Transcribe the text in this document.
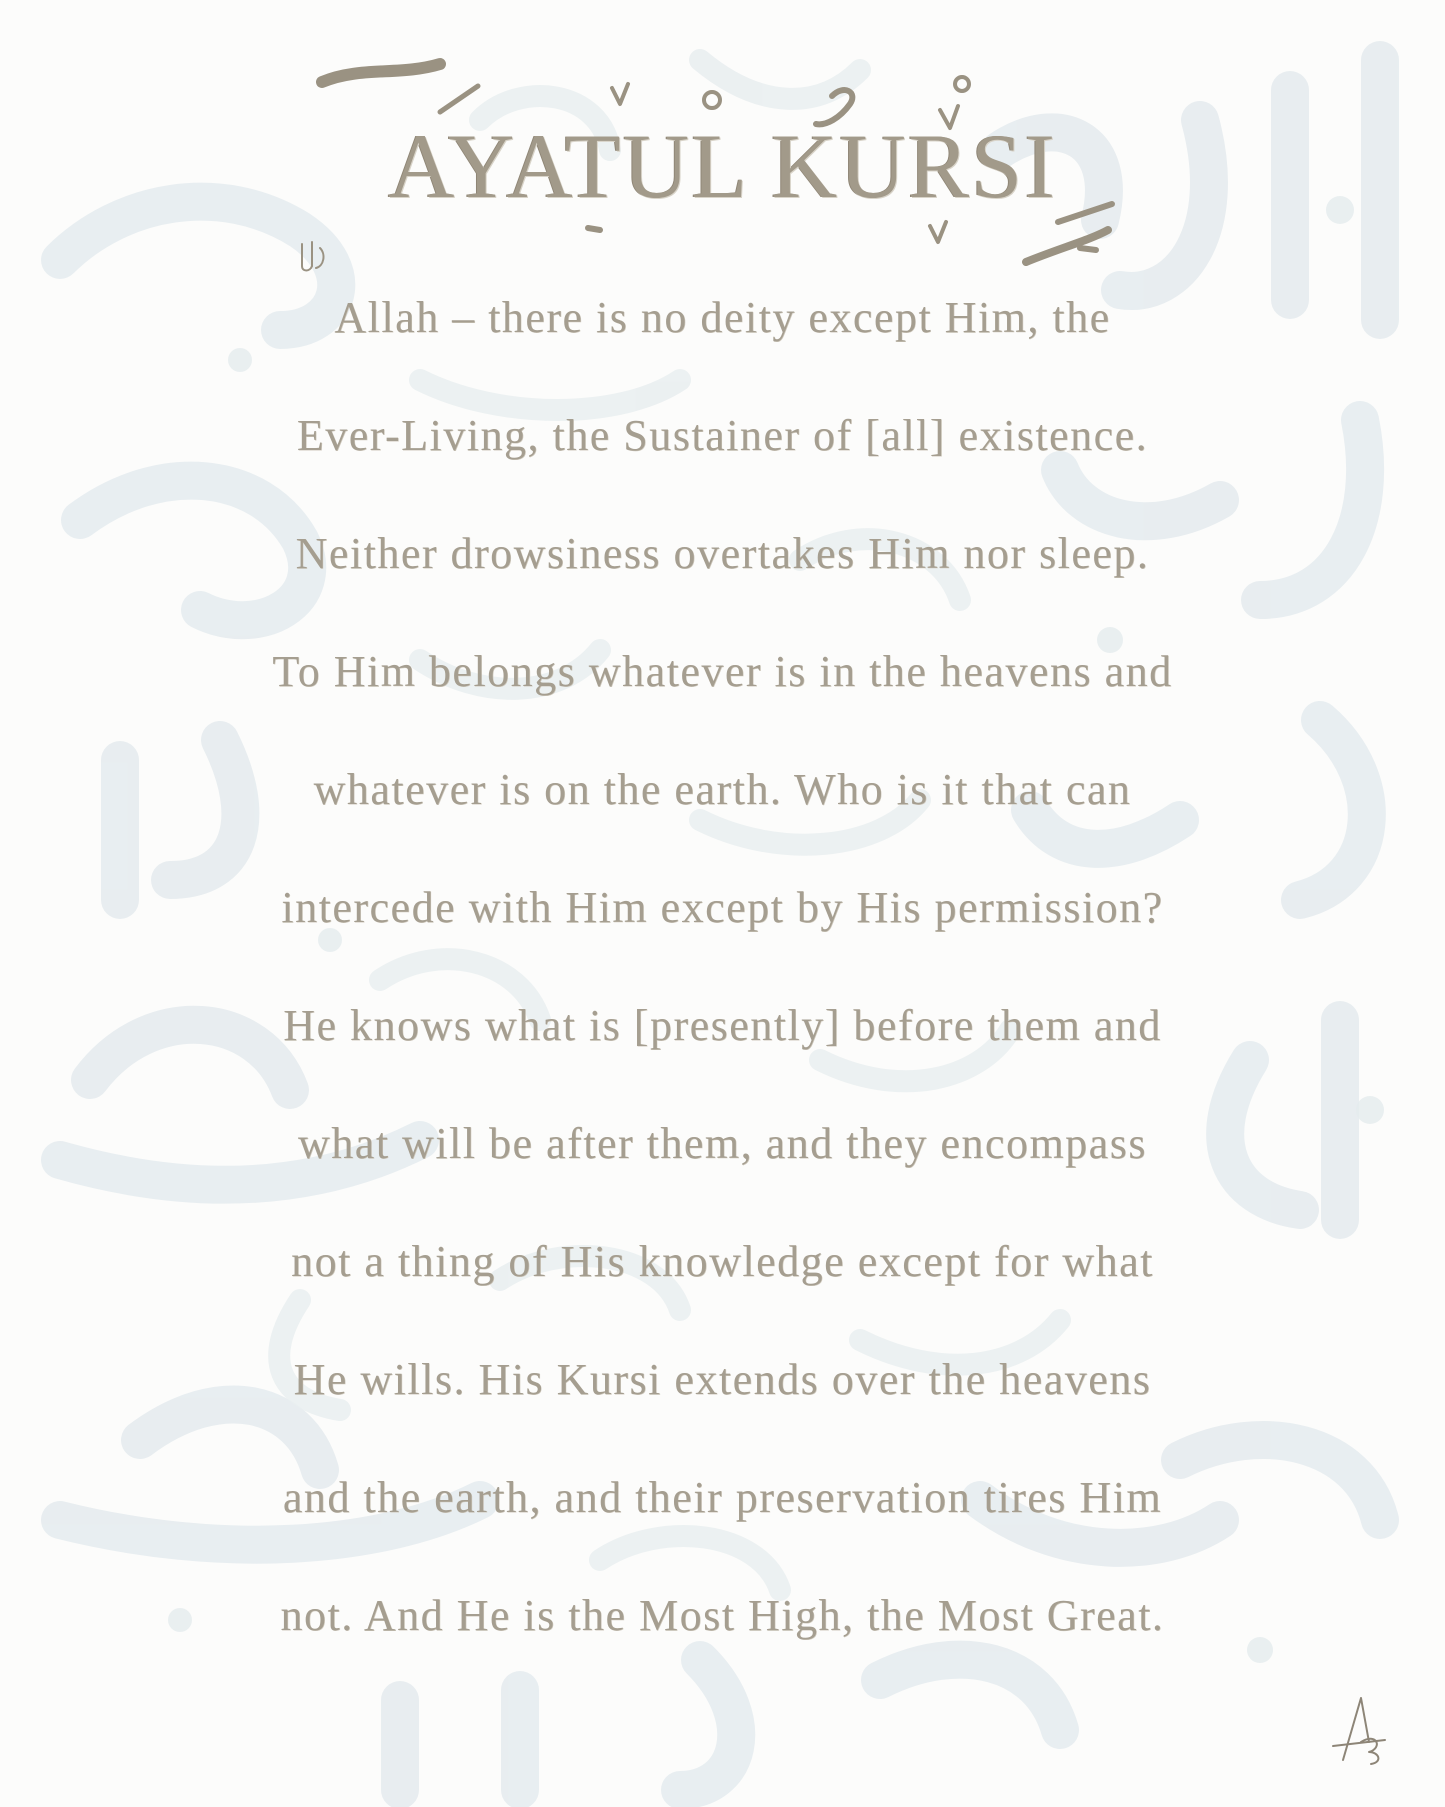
AYATUL KURSI
Allah – there is no deity except Him, the
Ever-Living, the Sustainer of [all] existence.
Neither drowsiness overtakes Him nor sleep.
To Him belongs whatever is in the heavens and
whatever is on the earth. Who is it that can
intercede with Him except by His permission?
He knows what is [presently] before them and
what will be after them, and they encompass
not a thing of His knowledge except for what
He wills. His Kursi extends over the heavens
and the earth, and their preservation tires Him
not. And He is the Most High, the Most Great.
